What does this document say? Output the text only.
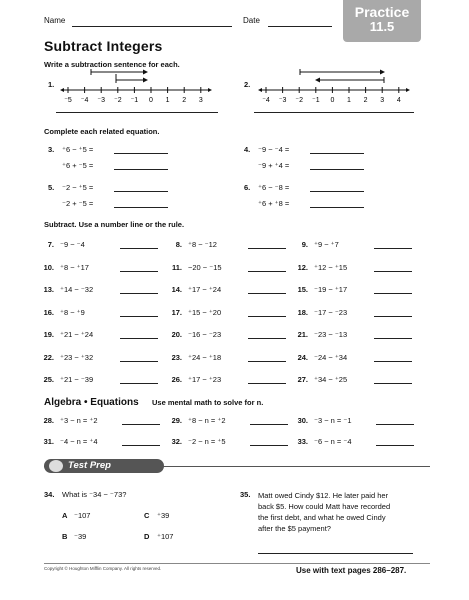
Name	Date
Practice
11.5
Subtract Integers
Write a subtraction sentence for each.
1.
⁻5 ⁻4 ⁻3 ⁻2 ⁻1 0 1 2 3
2.
⁻4 ⁻3 ⁻2 ⁻1 0 1 2 3 4
Complete each related equation.
3. ⁺6 − ⁺5 =
⁺6 + ⁻5 =
4. ⁻9 − ⁻4 =
⁻9 + ⁺4 =
5. ⁻2 − ⁺5 =
⁻2 + ⁻5 =
6. ⁺6 − ⁻8 =
⁺6 + ⁺8 =
Subtract. Use a number line or the rule.
7. ⁻9 − ⁻4	8. ⁺8 − ⁻12	9. ⁺9 − ⁺7
10. ⁺8 − ⁺17	11. −20 − ⁻15	12. ⁺12 − ⁺15
13. ⁺14 − ⁻32	14. ⁺17 − ⁺24	15. ⁻19 − ⁺17
16. ⁺8 − ⁺9	17. ⁺15 − ⁺20	18. ⁻17 − ⁻23
19. ⁺21 − ⁺24	20. ⁻16 − ⁻23	21. ⁻23 − ⁻13
22. ⁺23 − ⁺32	23. ⁺24 − ⁺18	24. ⁻24 − ⁺34
25. ⁺21 − ⁻39	26. ⁺17 − ⁺23	27. ⁺34 − ⁺25
Algebra • Equations Use mental math to solve for n.
28. ⁺3 − n = ⁺2	29. ⁺8 − n = ⁺2	30. ⁻3 − n = ⁻1
31. ⁻4 − n = ⁺4	32. ⁻2 − n = ⁺5	33. ⁻6 − n = ⁻4
Test Prep
34. What is ⁻34 − ⁻73?
A ⁻107	C ⁺39
B ⁻39	D ⁺107
35. Matt owed Cindy $12. He later paid her
back $5. How could Matt have recorded
the first debt, and what he owed Cindy
after the $5 payment?
Copyright © Houghton Mifflin Company. All rights reserved.	Use with text pages 286–287.
